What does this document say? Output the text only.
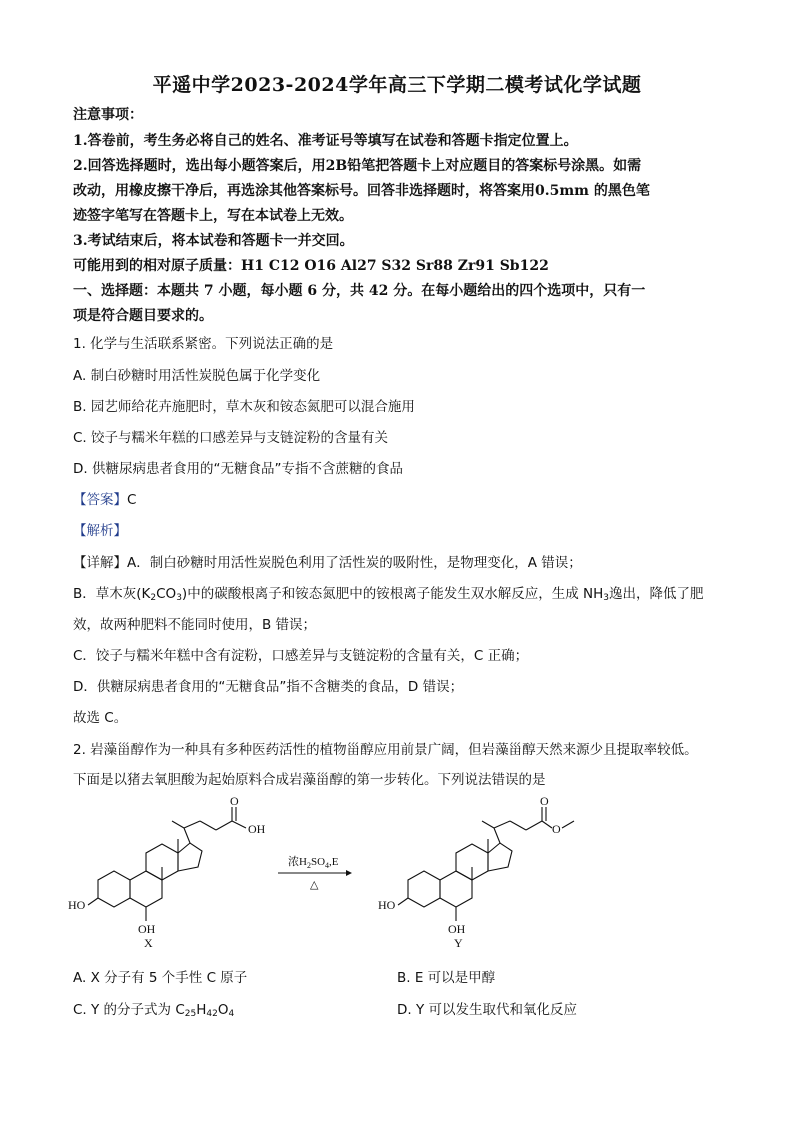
平遥中学2023-2024学年高三下学期二模考试化学试题
注意事项：
1.答卷前，考生务必将自己的姓名、准考证号等填写在试卷和答题卡指定位置上。
2.回答选择题时，选出每小题答案后，用2B铅笔把答题卡上对应题目的答案标号涂黑。如需
改动，用橡皮擦干净后，再选涂其他答案标号。回答非选择题时，将答案用0.5mm 的黑色笔
迹签字笔写在答题卡上，写在本试卷上无效。
3.考试结束后，将本试卷和答题卡一并交回。
可能用到的相对原子质量：H1 C12 O16 Al27 S32 Sr88 Zr91 Sb122
一、选择题：本题共 7 小题，每小题 6 分，共 42 分。在每小题给出的四个选项中，只有一
项是符合题目要求的。
1. 化学与生活联系紧密。下列说法正确的是
A. 制白砂糖时用活性炭脱色属于化学变化
B. 园艺师给花卉施肥时，草木灰和铵态氮肥可以混合施用
C. 饺子与糯米年糕的口感差异与支链淀粉的含量有关
D. 供糖尿病患者食用的“无糖食品”专指不含蔗糖的食品
【答案】C
【解析】
【详解】A．制白砂糖时用活性炭脱色利用了活性炭的吸附性，是物理变化，A 错误；
B．草木灰$(K_2CO_3)$中的碳酸根离子和铵态氮肥中的铵根离子能发生双水解反应，生成 $NH_3$逸出，降低了肥
效，故两种肥料不能同时使用，B 错误；
C．饺子与糯米年糕中含有淀粉，口感差异与支链淀粉的含量有关，C 正确；
D．供糖尿病患者食用的“无糖食品”指不含糖类的食品，D 错误；
故选 C。
2. 岩藻甾醇作为一种具有多种医药活性的植物甾醇应用前景广阔，但岩藻甾醇天然来源少且提取率较低。
下面是以猪去氧胆酸为起始原料合成岩藻甾醇的第一步转化。下列说法错误的是
O
OH
HO
OH
X
浓$H_2SO_4,E$
△
O
O
HO
OH
Y
A. X 分子有 5 个手性 C 原子	B. E 可以是甲醇
C. Y 的分子式为 $C_{25}H_{42}O_4$	D. Y 可以发生取代和氧化反应
